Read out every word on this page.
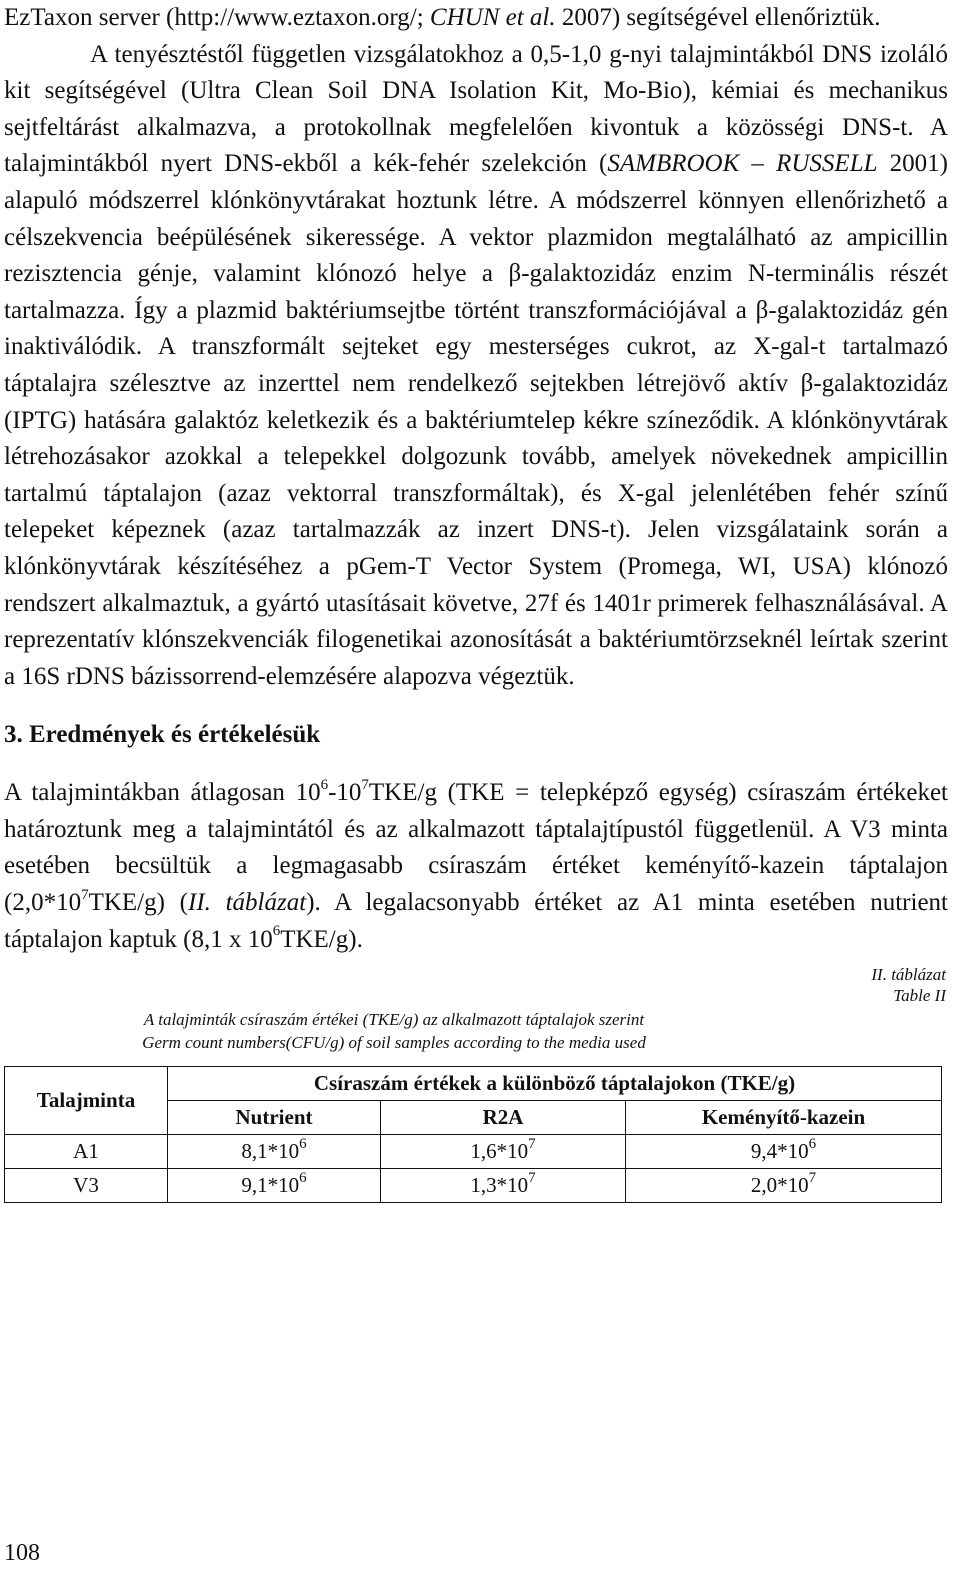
EzTaxon server (http://www.eztaxon.org/; CHUN et al. 2007) segítségével ellenőriztük.

A tenyésztéstől független vizsgálatokhoz a 0,5-1,0 g-nyi talajmintákból DNS izoláló kit segítségével (Ultra Clean Soil DNA Isolation Kit, Mo-Bio), kémiai és mechanikus sejtfeltárást alkalmazva, a protokollnak megfelelően kivontuk a közösségi DNS-t. A talajmintákból nyert DNS-ekből a kék-fehér szelekción (SAMBROOK – RUSSELL 2001) alapuló módszerrel klónkönyvtárakat hoztunk létre. A módszerrel könnyen ellenőrizhető a célszekvencia beépülésének sikeressége. A vektor plazmidon megtalálható az ampicillin rezisztencia génje, valamint klónozó helye a β-galaktozidáz enzim N-terminális részét tartalmazza. Így a plazmid baktériumsejtbe történt transzformációjával a β-galaktozidáz gén inaktiválódik. A transzformált sejteket egy mesterséges cukrot, az X-gal-t tartalmazó táptalajra szélesztve az inzerttel nem rendelkező sejtekben létrejövő aktív β-galaktozidáz (IPTG) hatására galaktóz keletkezik és a baktériumtelep kékre színeződik. A klónkönyvtárak létrehozásakor azokkal a telepekkel dolgozunk tovább, amelyek növekednek ampicillin tartalmú táptalajon (azaz vektorral transzformáltak), és X-gal jelenlétében fehér színű telepeket képeznek (azaz tartalmazzák az inzert DNS-t). Jelen vizsgálataink során a klónkönyvtárak készítéséhez a pGem-T Vector System (Promega, WI, USA) klónozó rendszert alkalmaztuk, a gyártó utasításait követve, 27f és 1401r primerek felhasználásával. A reprezentatív klónszekvenciák filogenetikai azonosítását a baktériumtörzseknél leírtak szerint a 16S rDNS bázissorrend-elemzésére alapozva végeztük.

3. Eredmények és értékelésük

A talajmintákban átlagosan $10^6-10^7TKE/g$ (TKE = telepképző egység) csíraszám értékeket határoztunk meg a talajmintától és az alkalmazott táptalajtípustól függetlenül. A V3 minta esetében becsültük a legmagasabb csíraszám értéket keményítő-kazein táptalajon $(2,0*10^7TKE/g)$ (II. táblázat). A legalacsonyabb értéket az A1 minta esetében nutrient táptalajon kaptuk (8,1 x $10^6TKE/g$).

II. táblázat
Table II
A talajminták csíraszám értékei (TKE/g) az alkalmazott táptalajok szerint
Germ count numbers(CFU/g) of soil samples according to the media used
Talajminta	Csíraszám értékek a különböző táptalajokon (TKE/g)		
	Nutrient	R2A	Keményítő-kazein
A1	$8,1*10^6$	$1,6*10^7$	$9,4*10^6$
V3	$9,1*10^6$	$1,3*10^7$	$2,0*10^7$
108
